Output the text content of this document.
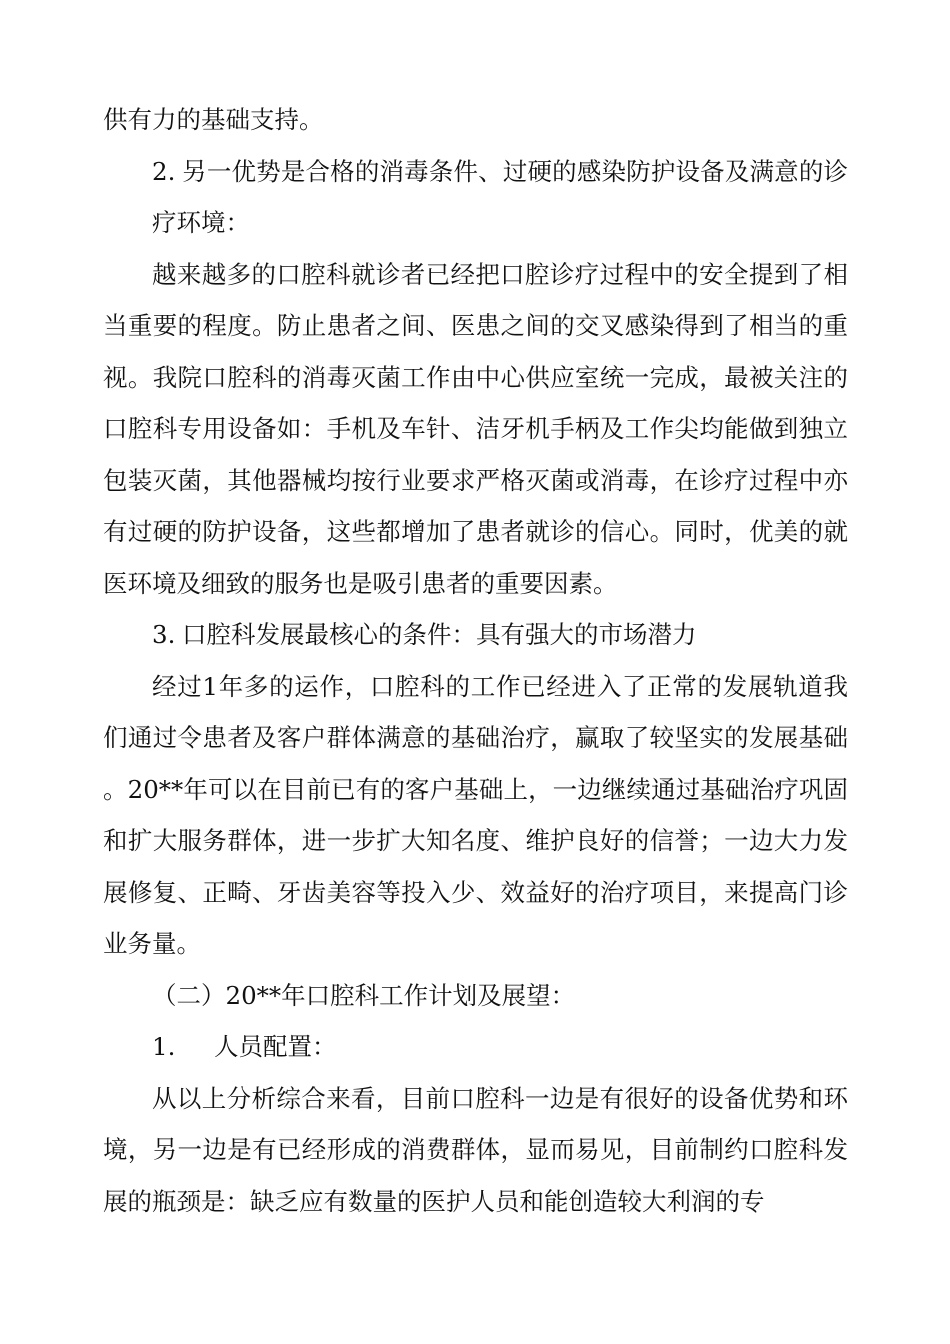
供有力的基础支持。

2. 另一优势是合格的消毒条件、过硬的感染防护设备及满意的诊疗环境：

越来越多的口腔科就诊者已经把口腔诊疗过程中的安全提到了相当重要的程度。防止患者之间、医患之间的交叉感染得到了相当的重视。我院口腔科的消毒灭菌工作由中心供应室统一完成，最被关注的口腔科专用设备如：手机及车针、洁牙机手柄及工作尖均能做到独立包装灭菌，其他器械均按行业要求严格灭菌或消毒，在诊疗过程中亦有过硬的防护设备，这些都增加了患者就诊的信心。同时，优美的就医环境及细致的服务也是吸引患者的重要因素。

3. 口腔科发展最核心的条件：具有强大的市场潜力

经过1年多的运作，口腔科的工作已经进入了正常的发展轨道我们通过令患者及客户群体满意的基础治疗，赢取了较坚实的发展基础。20**年可以在目前已有的客户基础上，一边继续通过基础治疗巩固和扩大服务群体，进一步扩大知名度、维护良好的信誉；一边大力发展修复、正畸、牙齿美容等投入少、效益好的治疗项目，来提高门诊业务量。

（二）20**年口腔科工作计划及展望：

1. 人员配置：

从以上分析综合来看，目前口腔科一边是有很好的设备优势和环境，另一边是有已经形成的消费群体，显而易见，目前制约口腔科发展的瓶颈是：缺乏应有数量的医护人员和能创造较大利润的专
